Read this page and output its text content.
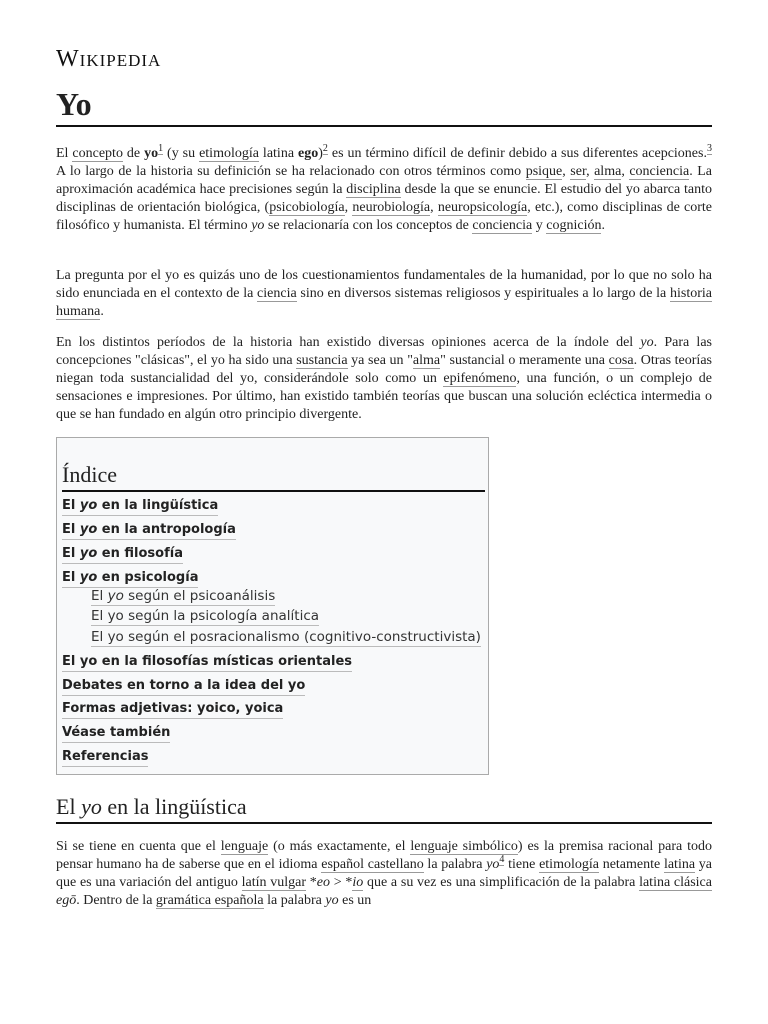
Wikipedia
Yo

El concepto de $yo^1$ (y su etimología latina ego)$^2$ es un término difícil de definir debido a sus diferentes acepciones.$^3$ A lo largo de la historia su definición se ha relacionado con otros términos como psique, ser, alma, conciencia. La aproximación académica hace precisiones según la disciplina desde la que se enuncie. El estudio del yo abarca tanto disciplinas de orientación biológica, (psicobiología, neurobiología, neuropsicología, etc.), como disciplinas de corte filosófico y humanista. El término yo se relacionaría con los conceptos de conciencia y cognición.

La pregunta por el yo es quizás uno de los cuestionamientos fundamentales de la humanidad, por lo que no solo ha sido enunciada en el contexto de la ciencia sino en diversos sistemas religiosos y espirituales a lo largo de la historia humana.

En los distintos períodos de la historia han existido diversas opiniones acerca de la índole del yo. Para las concepciones "clásicas", el yo ha sido una sustancia ya sea un "alma" sustancial o meramente una cosa. Otras teorías niegan toda sustancialidad del yo, considerándole solo como un epifenómeno, una función, o un complejo de sensaciones e impresiones. Por último, han existido también teorías que buscan una solución ecléctica intermedia o que se han fundado en algún otro principio divergente.

Índice
El yo en la lingüística
El yo en la antropología
El yo en filosofía
El yo en psicología
El yo según el psicoanálisis
El yo según la psicología analítica
El yo según el posracionalismo (cognitivo-constructivista)
El yo en la filosofías místicas orientales
Debates en torno a la idea del yo
Formas adjetivas: yoico, yoica
Véase también
Referencias
El yo en la lingüística

Si se tiene en cuenta que el lenguaje (o más exactamente, el lenguaje simbólico) es la premisa racional para todo pensar humano ha de saberse que en el idioma español castellano la palabra $yo^4$ tiene etimología netamente latina ya que es una variación del antiguo latín vulgar *eo > *io que a su vez es una simplificación de la palabra latina clásica egō. Dentro de la gramática española la palabra yo es un
